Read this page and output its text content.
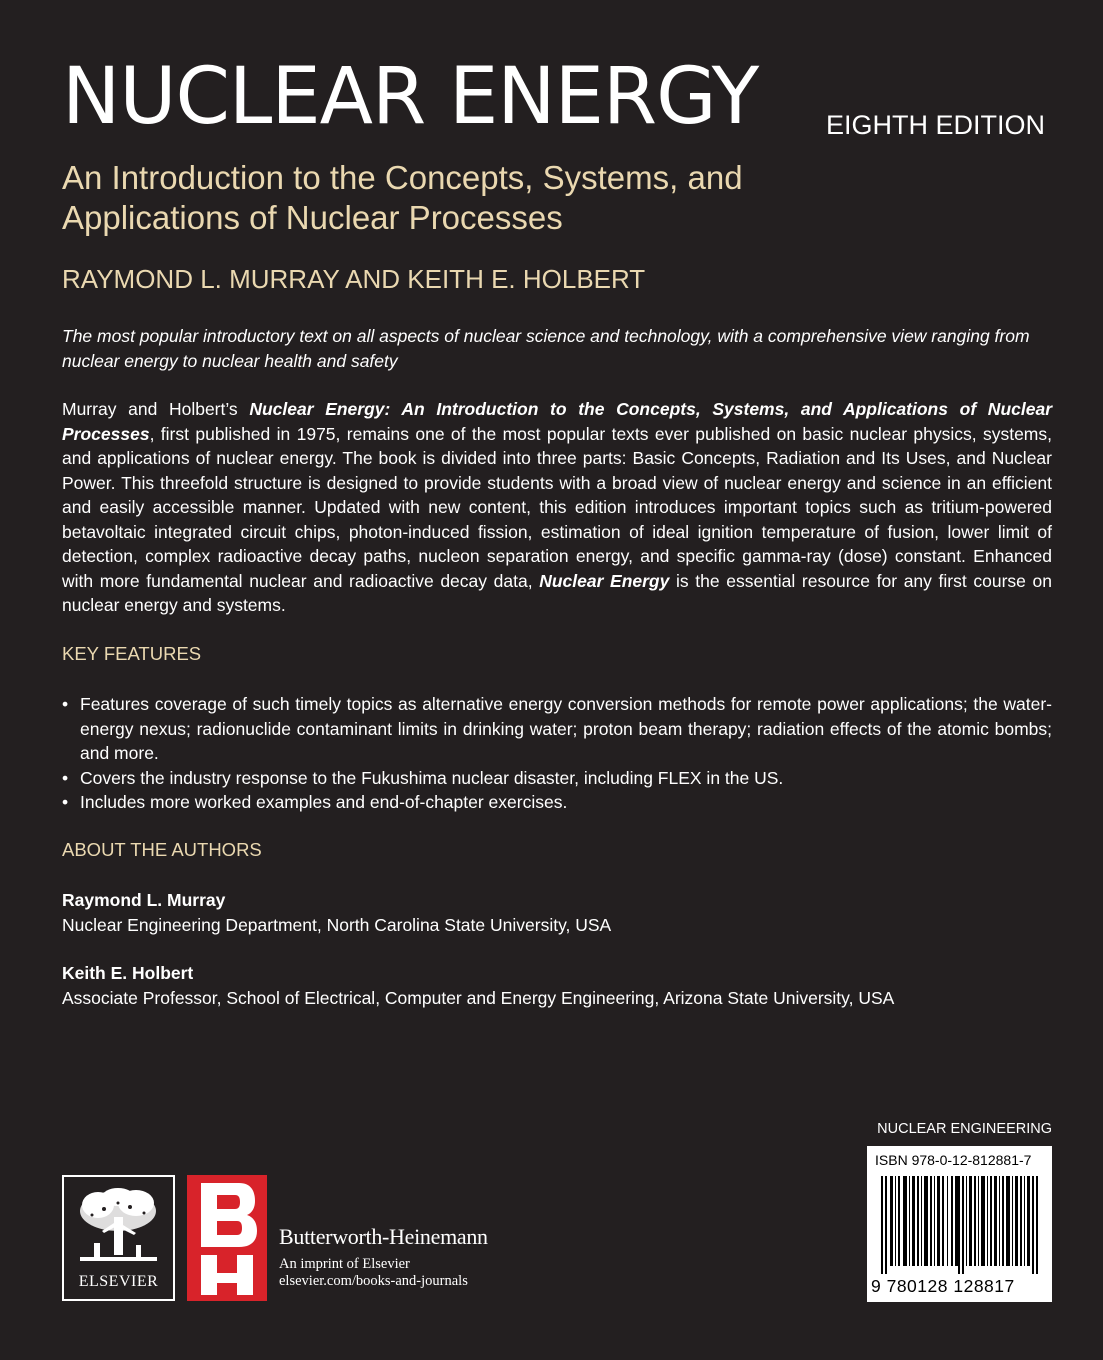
NUCLEAR ENERGY	EIGHTH EDITION
An Introduction to the Concepts, Systems, and Applications of Nuclear Processes
RAYMOND L. MURRAY AND KEITH E. HOLBERT
The most popular introductory text on all aspects of nuclear science and technology, with a comprehensive view ranging from nuclear energy to nuclear health and safety
Murray and Holbert’s Nuclear Energy: An Introduction to the Concepts, Systems, and Applications of Nuclear Processes, first published in 1975, remains one of the most popular texts ever published on basic nuclear physics, systems, and applications of nuclear energy. The book is divided into three parts: Basic Concepts, Radiation and Its Uses, and Nuclear Power. This threefold structure is designed to provide students with a broad view of nuclear energy and science in an efficient and easily accessible manner. Updated with new content, this edition introduces important topics such as tritium-powered betavoltaic integrated circuit chips, photon-induced fission, estimation of ideal ignition temperature of fusion, lower limit of detection, complex radioactive decay paths, nucleon separation energy, and specific gamma-ray (dose) constant. Enhanced with more fundamental nuclear and radioactive decay data, Nuclear Energy is the essential resource for any first course on nuclear energy and systems.
KEY FEATURES
• Features coverage of such timely topics as alternative energy conversion methods for remote power applications; the water-energy nexus; radionuclide contaminant limits in drinking water; proton beam therapy; radiation effects of the atomic bombs; and more.
• Covers the industry response to the Fukushima nuclear disaster, including FLEX in the US.
• Includes more worked examples and end-of-chapter exercises.
ABOUT THE AUTHORS
Raymond L. Murray
Nuclear Engineering Department, North Carolina State University, USA
Keith E. Holbert
Associate Professor, School of Electrical, Computer and Energy Engineering, Arizona State University, USA
NUCLEAR ENGINEERING
ISBN 978-0-12-812881-7
9 780128 128817
ELSEVIER
Butterworth-Heinemann
An imprint of Elsevier
elsevier.com/books-and-journals
